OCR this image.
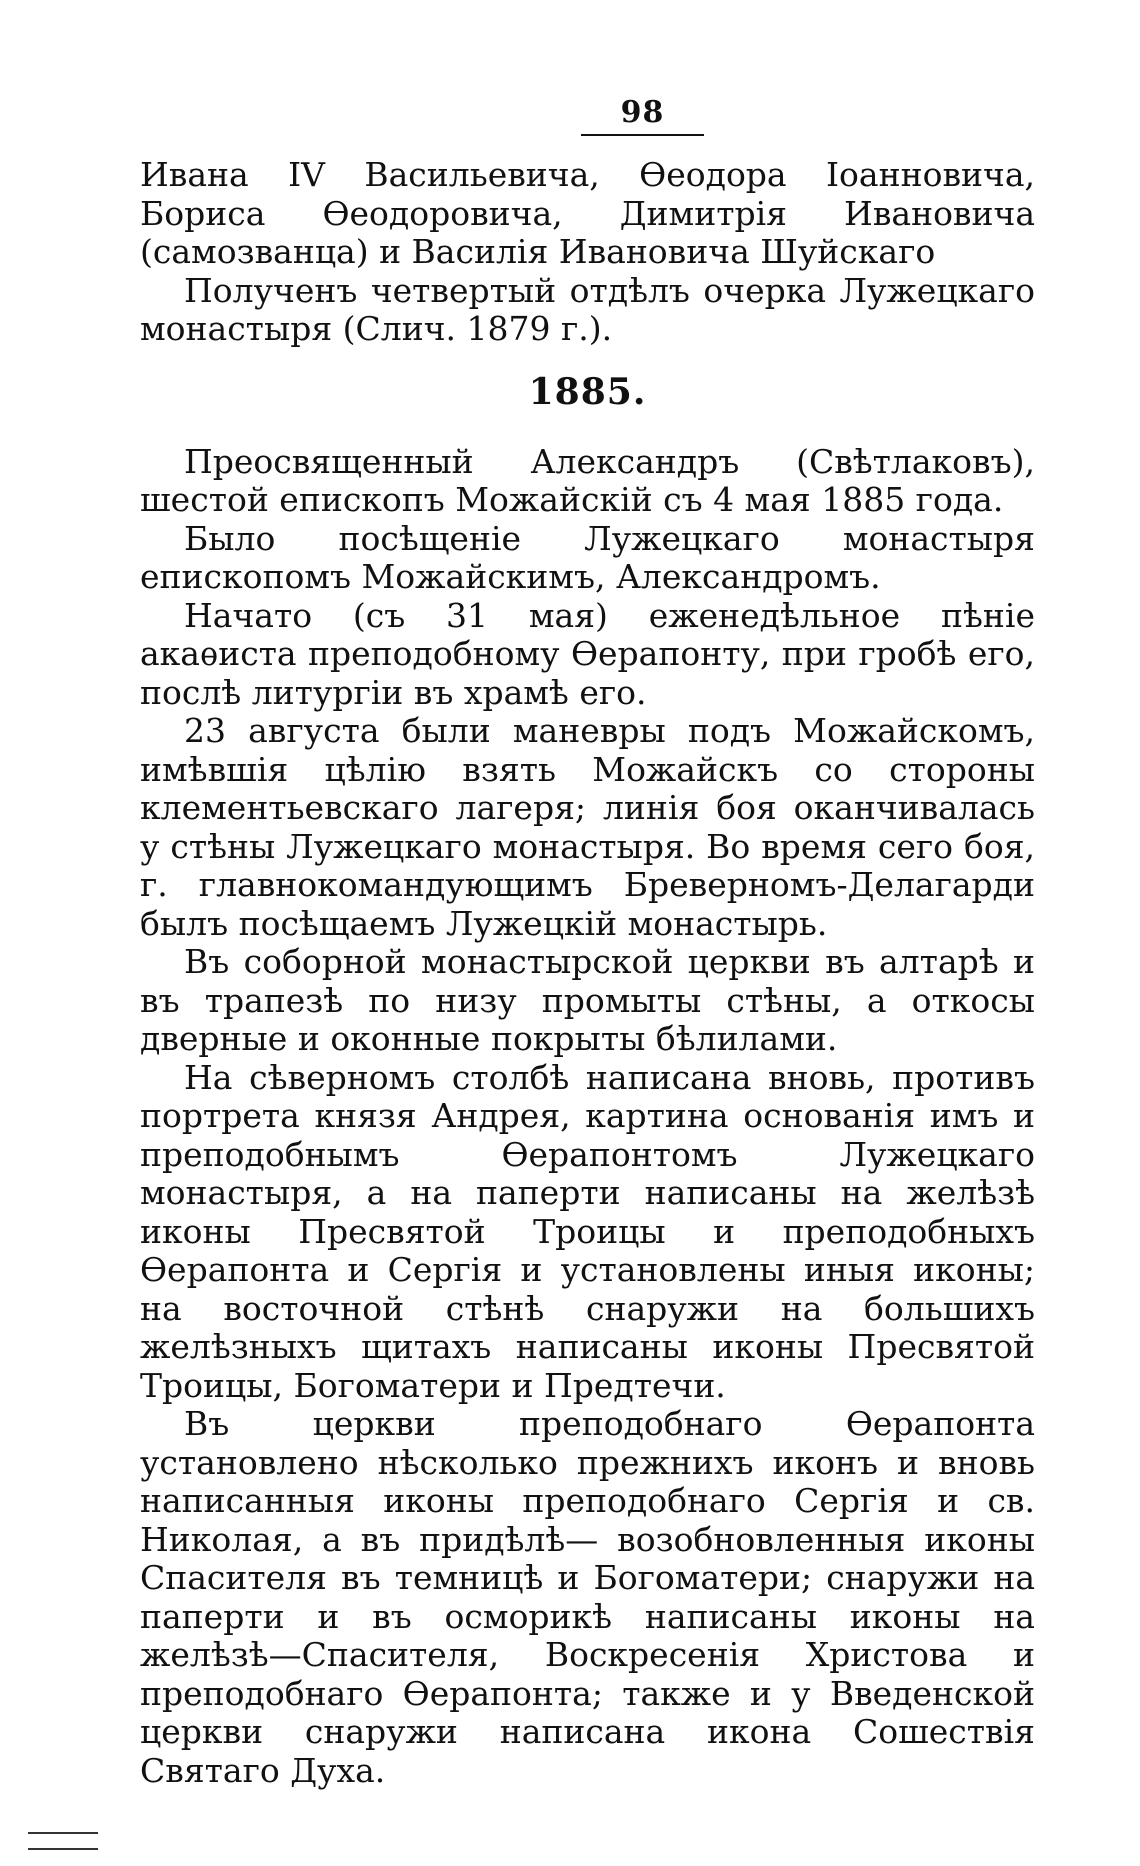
98

Ивана IV Васильевича, Өеодора Іоанновича, Бориса Өеодоровича, Димитрія Ивановича (самозванца) и Василія Ивановича Шуйскаго

Полученъ четвертый отдѣлъ очерка Лужецкаго монастыря (Слич. 1879 г.).

1885.

Преосвященный Александръ (Свѣтлаковъ), шестой епископъ Можайскій съ 4 мая 1885 года.

Было посѣщеніе Лужецкаго монастыря епископомъ Можайскимъ, Александромъ.

Начато (съ 31 мая) еженедѣльное пѣніе акаѳиста преподобному Өерапонту, при гробѣ его, послѣ литургіи въ храмѣ его.

23 августа были маневры подъ Можайскомъ, имѣвшія цѣлію взять Можайскъ со стороны клементьевскаго лагеря; линія боя оканчивалась у стѣны Лужецкаго монастыря. Во время сего боя, г. главнокомандующимъ Бреверномъ-Делагарди былъ посѣщаемъ Лужецкій монастырь.

Въ соборной монастырской церкви въ алтарѣ и въ трапезѣ по низу промыты стѣны, а откосы дверные и оконные покрыты бѣлилами.

На сѣверномъ столбѣ написана вновь, противъ портрета князя Андрея, картина основанія имъ и преподобнымъ Өерапонтомъ Лужецкаго монастыря, а на паперти написаны на желѣзѣ иконы Пресвятой Троицы и преподобныхъ Өерапонта и Сергія и установлены иныя иконы; на восточной стѣнѣ снаружи на большихъ желѣзныхъ щитахъ написаны иконы Пресвятой Троицы, Богоматери и Предтечи.

Въ церкви преподобнаго Өерапонта установлено нѣсколько прежнихъ иконъ и вновь написанныя иконы преподобнаго Сергія и св. Николая, а въ придѣлѣ— возобновленныя иконы Спасителя въ темницѣ и Богоматери; снаружи на паперти и въ осморикѣ написаны иконы на желѣзѣ—Спасителя, Воскресенія Христова и преподобнаго Өерапонта; также и у Введенской церкви снаружи написана икона Сошествія Святаго Духа.
